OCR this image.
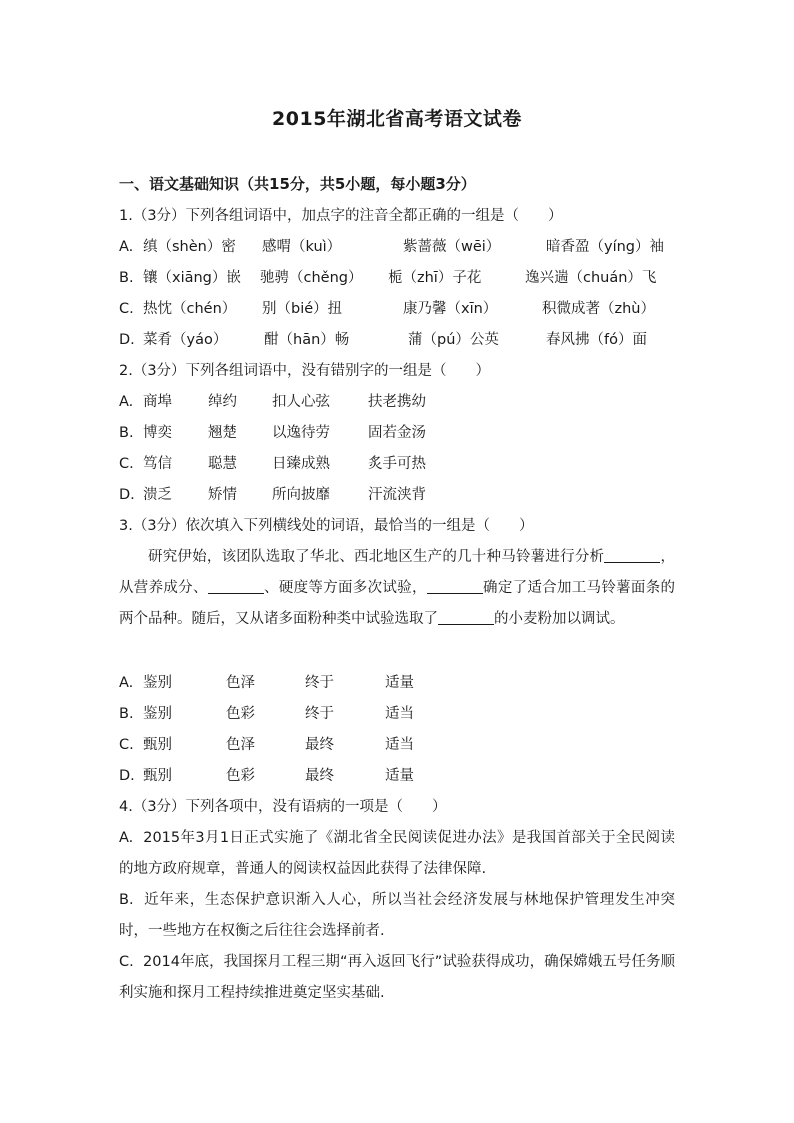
2015年湖北省高考语文试卷
一、语文基础知识（共15分，共5小题，每小题3分）
1.（3分）下列各组词语中，加点字的注音全都正确的一组是（　　）
A. 缜（shèn）密 感喟（kuì）	紫蔷薇（wēi）	暗香盈（yíng）袖
B. 镶（xiāng）嵌 驰骋（chěng） 栀（zhī）子花	逸兴遄（chuán）飞
C. 热忱（chén） 别（bié）扭	康乃馨（xīn）	积微成著（zhù）
D. 菜肴（yáo）	酣（hān）畅	蒲（pú）公英	春风拂（fó）面
2.（3分）下列各组词语中，没有错别字的一组是（　　）
A. 商埠 绰约 扣人心弦	扶老携幼
B. 博奕 翘楚 以逸待劳	固若金汤
C. 笃信 聪慧 日臻成熟	炙手可热
D. 溃乏 矫情 所向披靡	汗流浃背
3.（3分）依次填入下列横线处的词语，最恰当的一组是（　　）

研究伊始，该团队选取了华北、西北地区生产的几十种马铃薯进行分析	，从营养成分、	、硬度等方面多次试验，	确定了适合加工马铃薯面条的两个品种。随后，又从诸多面粉种类中试验选取了	的小麦粉加以调试。

A. 鉴别	色泽	终于	适量
B. 鉴别	色彩	终于	适当
C. 甄别	色泽	最终	适当
D. 甄别	色彩	最终	适量
4.（3分）下列各项中，没有语病的一项是（　　）

A. 2015年3月1日正式实施了《湖北省全民阅读促进办法》是我国首部关于全民阅读的地方政府规章，普通人的阅读权益因此获得了法律保障.

B. 近年来，生态保护意识渐入人心，所以当社会经济发展与林地保护管理发生冲突时，一些地方在权衡之后往往会选择前者.

C. 2014年底，我国探月工程三期“再入返回飞行”试验获得成功，确保嫦娥五号任务顺利实施和探月工程持续推进奠定坚实基础.
